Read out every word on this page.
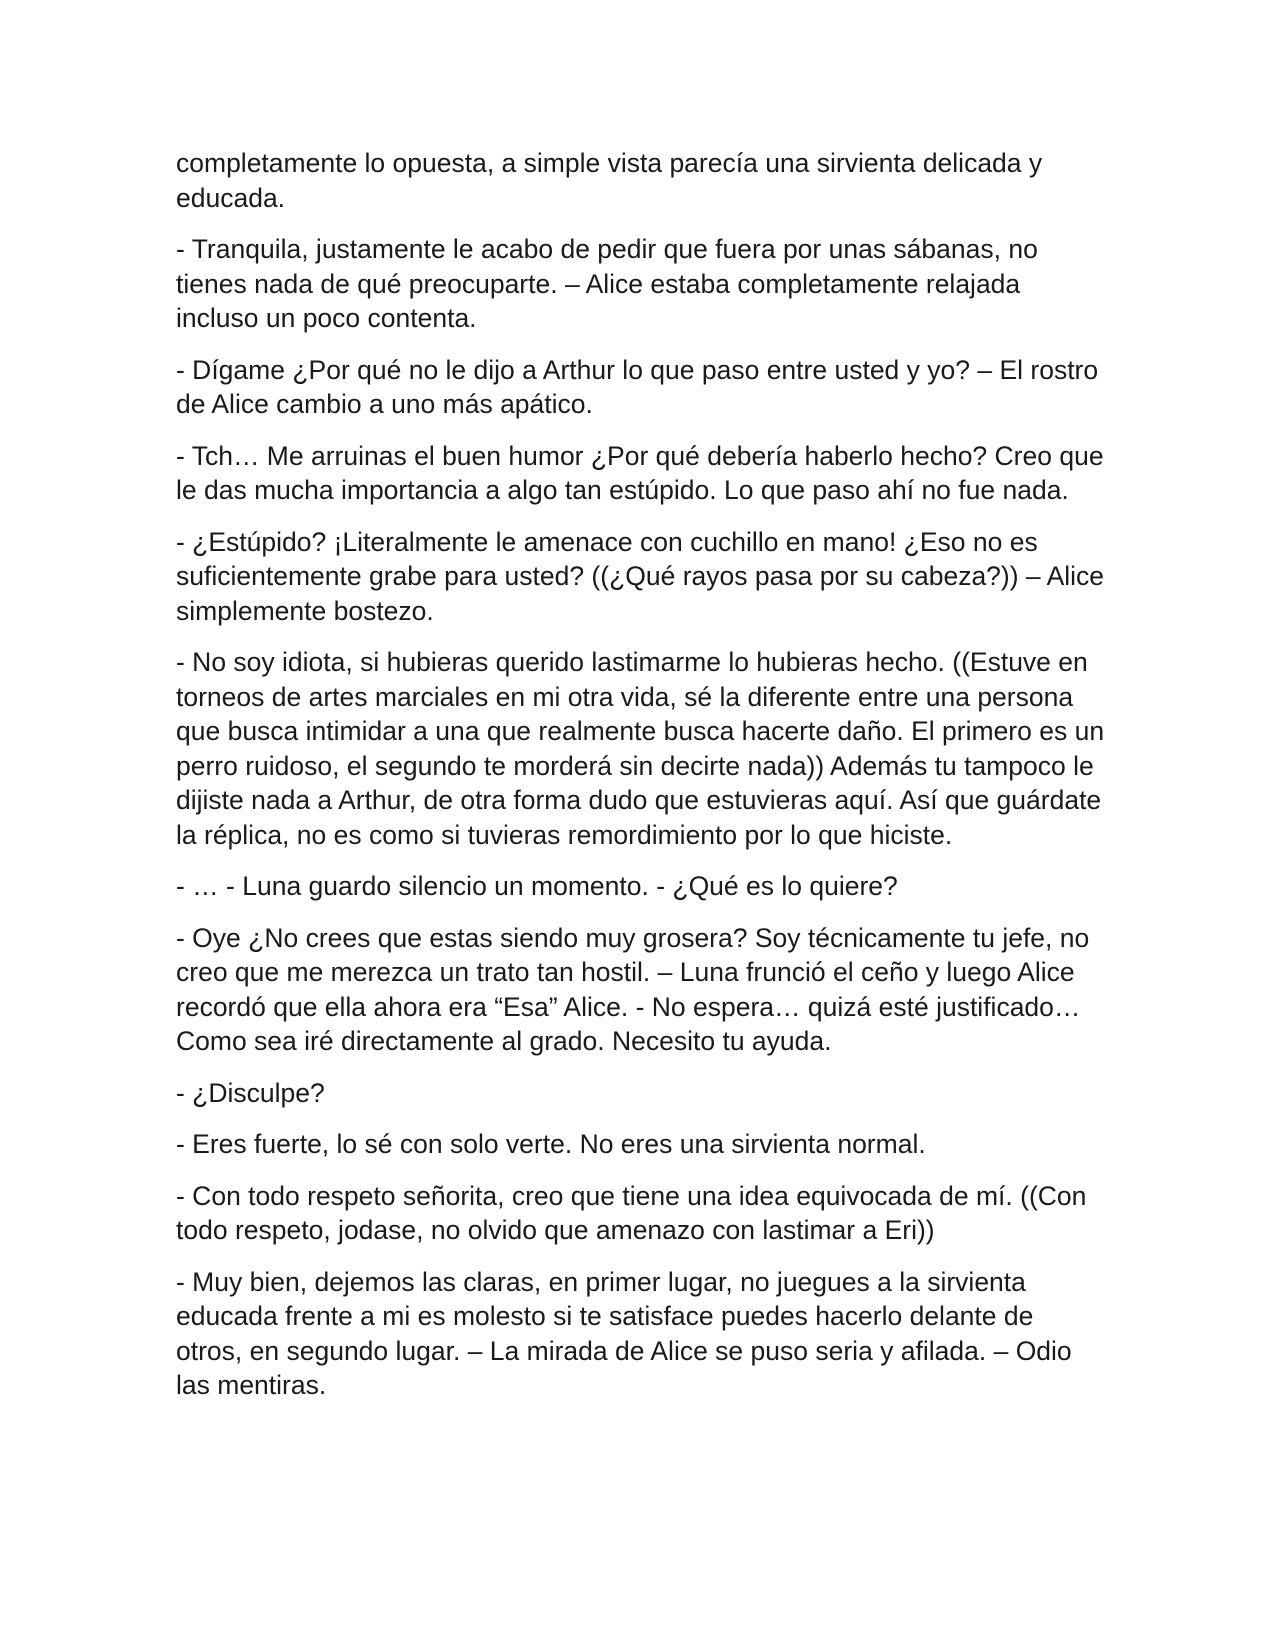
completamente lo opuesta, a simple vista parecía una sirvienta delicada y educada.

- Tranquila, justamente le acabo de pedir que fuera por unas sábanas, no tienes nada de qué preocuparte. – Alice estaba completamente relajada incluso un poco contenta.

- Dígame ¿Por qué no le dijo a Arthur lo que paso entre usted y yo? – El rostro de Alice cambio a uno más apático.

- Tch… Me arruinas el buen humor ¿Por qué debería haberlo hecho? Creo que le das mucha importancia a algo tan estúpido. Lo que paso ahí no fue nada.

- ¿Estúpido? ¡Literalmente le amenace con cuchillo en mano! ¿Eso no es suficientemente grabe para usted? ((¿Qué rayos pasa por su cabeza?)) – Alice simplemente bostezo.

- No soy idiota, si hubieras querido lastimarme lo hubieras hecho. ((Estuve en torneos de artes marciales en mi otra vida, sé la diferente entre una persona que busca intimidar a una que realmente busca hacerte daño. El primero es un perro ruidoso, el segundo te morderá sin decirte nada)) Además tu tampoco le dijiste nada a Arthur, de otra forma dudo que estuvieras aquí. Así que guárdate la réplica, no es como si tuvieras remordimiento por lo que hiciste.

- … - Luna guardo silencio un momento. - ¿Qué es lo quiere?

- Oye ¿No crees que estas siendo muy grosera? Soy técnicamente tu jefe, no creo que me merezca un trato tan hostil. – Luna frunció el ceño y luego Alice recordó que ella ahora era “Esa” Alice. - No espera… quizá esté justificado… Como sea iré directamente al grado. Necesito tu ayuda.

- ¿Disculpe?

- Eres fuerte, lo sé con solo verte. No eres una sirvienta normal.

- Con todo respeto señorita, creo que tiene una idea equivocada de mí. ((Con todo respeto, jodase, no olvido que amenazo con lastimar a Eri))

- Muy bien, dejemos las claras, en primer lugar, no juegues a la sirvienta educada frente a mi es molesto si te satisface puedes hacerlo delante de otros, en segundo lugar. – La mirada de Alice se puso seria y afilada. – Odio las mentiras.
